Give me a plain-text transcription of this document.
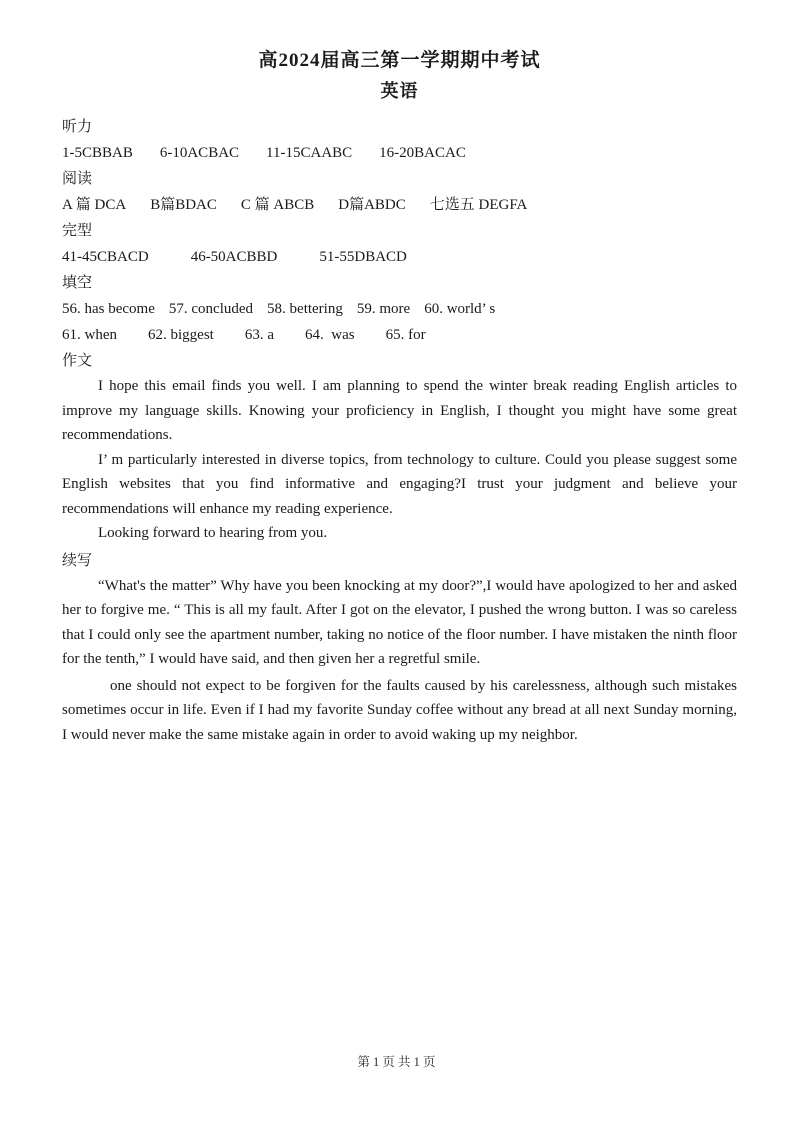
高2024届高三第一学期期中考试
英语
听力
1-5CBBAB 6-10ACBAC 11-15CAABC 16-20BACAC
阅读
A 篇 DCA B篇BDAC C 篇 ABCB D篇ABDC 七选五 DEGFA
完型
41-45CBACD	46-50ACBBD	51-55DBACD
填空
56. has become 57. concluded 58. bettering 59. more 60. world’ s
61. when 62. biggest 63. a 64.  was 65. for
作文

I hope this email finds you well. I am planning to spend the winter break reading English articles to improve my language skills. Knowing your proficiency in English, I thought you might have some great recommendations.

I’ m particularly interested in diverse topics, from technology to culture. Could you please suggest some English websites that you find informative and engaging?I trust your judgment and believe your recommendations will enhance my reading experience.

Looking forward to hearing from you.

续写

“What's the matter” Why have you been knocking at my door?”,I would have apologized to her and asked her to forgive me. “ This is all my fault. After I got on the elevator, I pushed the wrong button. I was so careless that I could only see the apartment number, taking no notice of the floor number. I have mistaken the ninth floor for the tenth,” I would have said, and then given her a regretful smile.

one should not expect to be forgiven for the faults caused by his carelessness, although such mistakes sometimes occur in life. Even if I had my favorite Sunday coffee without any bread at all next Sunday morning, I would never make the same mistake again in order to avoid waking up my neighbor.

第 1 页 共 1 页
